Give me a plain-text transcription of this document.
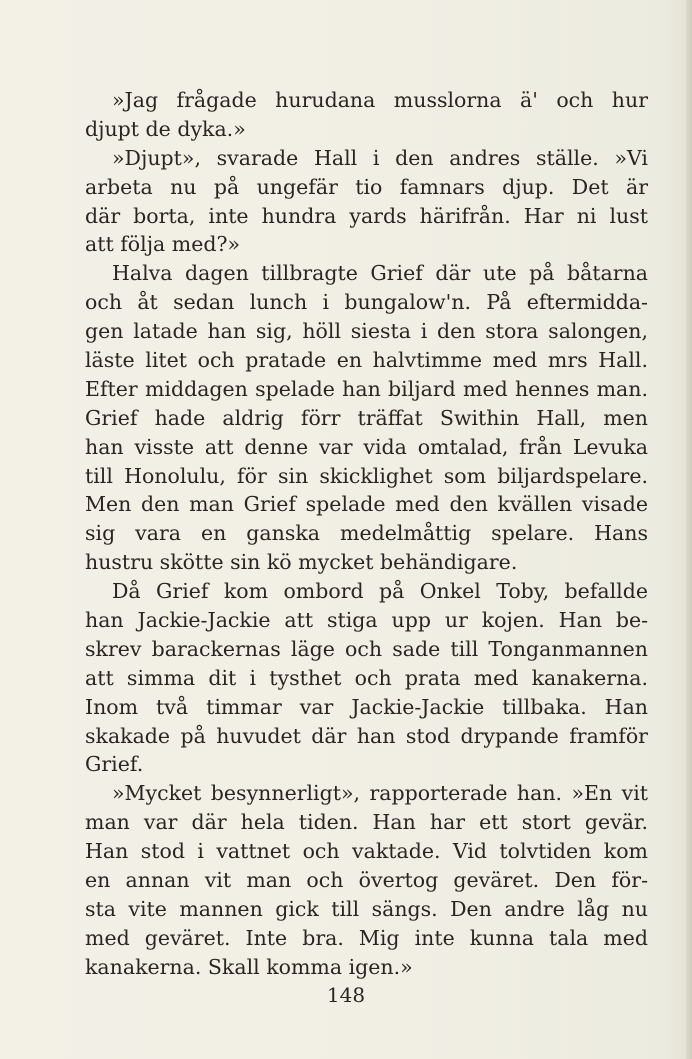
»Jag frågade hurudana musslorna ä' och hur
djupt de dyka.»
»Djupt», svarade Hall i den andres ställe. »Vi
arbeta nu på ungefär tio famnars djup. Det är
där borta, inte hundra yards härifrån. Har ni lust
att följa med?»
Halva dagen tillbragte Grief där ute på båtarna
och åt sedan lunch i bungalow'n. På eftermidda-
gen latade han sig, höll siesta i den stora salongen,
läste litet och pratade en halvtimme med mrs Hall.
Efter middagen spelade han biljard med hennes man.
Grief hade aldrig förr träffat Swithin Hall, men
han visste att denne var vida omtalad, från Levuka
till Honolulu, för sin skicklighet som biljardspelare.
Men den man Grief spelade med den kvällen visade
sig vara en ganska medelmåttig spelare. Hans
hustru skötte sin kö mycket behändigare.
Då Grief kom ombord på Onkel Toby, befallde
han Jackie-Jackie att stiga upp ur kojen. Han be-
skrev barackernas läge och sade till Tonganmannen
att simma dit i tysthet och prata med kanakerna.
Inom två timmar var Jackie-Jackie tillbaka. Han
skakade på huvudet där han stod drypande framför
Grief.
»Mycket besynnerligt», rapporterade han. »En vit
man var där hela tiden. Han har ett stort gevär.
Han stod i vattnet och vaktade. Vid tolvtiden kom
en annan vit man och övertog geväret. Den för-
sta vite mannen gick till sängs. Den andre låg nu
med geväret. Inte bra. Mig inte kunna tala med
kanakerna. Skall komma igen.»
148
